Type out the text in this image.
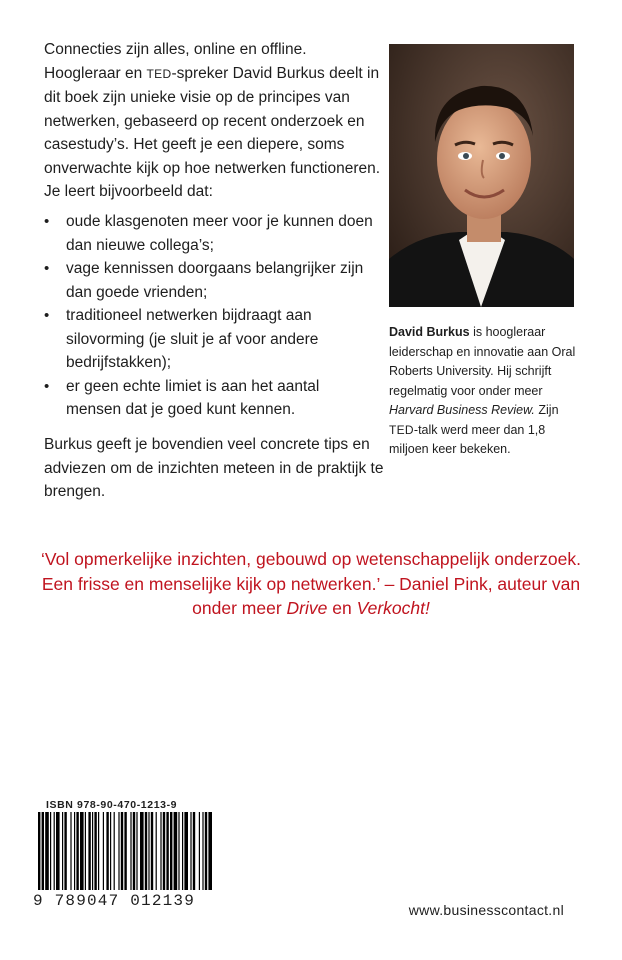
Connecties zijn alles, online en offline.
Hoogleraar en TED-spreker David Burkus deelt in dit boek zijn unieke visie op de principes van netwerken, gebaseerd op recent onderzoek en casestudy’s. Het geeft je een diepere, soms onverwachte kijk op hoe netwerken functioneren. Je leert bijvoorbeeld dat:

• oude klasgenoten meer voor je kunnen doen dan nieuwe collega’s;
• vage kennissen doorgaans belangrijker zijn dan goede vrienden;
• traditioneel netwerken bijdraagt aan silovorming (je sluit je af voor andere bedrijfstakken);
• er geen echte limiet is aan het aantal mensen dat je goed kunt kennen.

Burkus geeft je bovendien veel concrete tips en adviezen om de inzichten meteen in de praktijk te brengen.

David Burkus is hoogleraar leiderschap en innovatie aan Oral Roberts University. Hij schrijft regelmatig voor onder meer Harvard Business Review. Zijn TED-talk werd meer dan 1,8 miljoen keer bekeken.

‘Vol opmerkelijke inzichten, gebouwd op wetenschappelijk onderzoek. Een frisse en menselijke kijk op netwerken.’ – Daniel Pink, auteur van onder meer Drive en Verkocht!

ISBN 978-90-470-1213-9
9 789047 012139	www.businesscontact.nl
